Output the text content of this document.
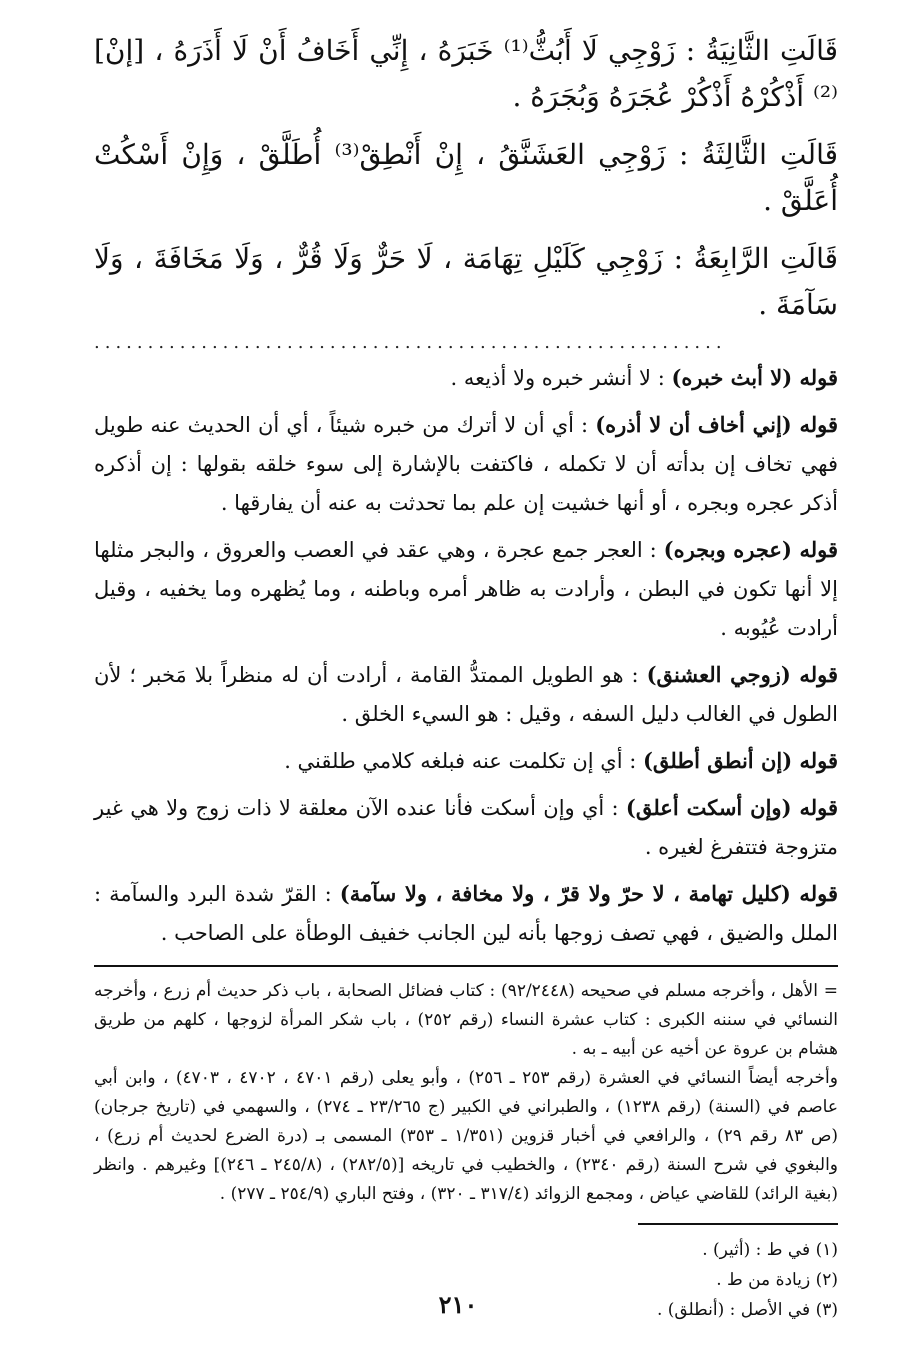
قَالَتِ الثَّانِيَةُ : زَوْجِي لَا أَبُثُّ⁽¹⁾ خَبَرَهُ ، إِنِّي أَخَافُ أَنْ لَا أَذَرَهُ ، [إنْ]⁽²⁾ أَذْكُرْهُ أَذْكُرْ عُجَرَهُ وَبُجَرَهُ .

قَالَتِ الثَّالِثَةُ : زَوْجِي العَشَنَّقُ ، إِنْ أَنْطِقْ⁽³⁾ أُطَلَّقْ ، وَإِنْ أَسْكُتْ أُعَلَّقْ .

قَالَتِ الرَّابِعَةُ : زَوْجِي كَلَيْلِ تِهَامَة ، لَا حَرٌّ وَلَا قُرٌّ ، وَلَا مَخَافَةَ ، وَلَا سَآمَةَ .

...........................................................

قوله (لا أبث خبره) : لا أنشر خبره ولا أذيعه .

قوله (إني أخاف أن لا أذره) : أي أن لا أترك من خبره شيئاً ، أي أن الحديث عنه طويل فهي تخاف إن بدأته أن لا تكمله ، فاكتفت بالإشارة إلى سوء خلقه بقولها : إن أذكره أذكر عجره وبجره ، أو أنها خشيت إن علم بما تحدثت به عنه أن يفارقها .

قوله (عجره وبجره) : العجر جمع عجرة ، وهي عقد في العصب والعروق ، والبجر مثلها إلا أنها تكون في البطن ، وأرادت به ظاهر أمره وباطنه ، وما يُظهره وما يخفيه ، وقيل أرادت عُيُوبه .

قوله (زوجي العشنق) : هو الطويل الممتدُّ القامة ، أرادت أن له منظراً بلا مَخبر ؛ لأن الطول في الغالب دليل السفه ، وقيل : هو السيء الخلق .

قوله (إن أنطق أطلق) : أي إن تكلمت عنه فبلغه كلامي طلقني .

قوله (وإن أسكت أعلق) : أي وإن أسكت فأنا عنده الآن معلقة لا ذات زوج ولا هي غير متزوجة فتتفرغ لغيره .

قوله (كليل تهامة ، لا حرّ ولا قرّ ، ولا مخافة ، ولا سآمة) : القرّ شدة البرد والسآمة : الملل والضيق ، فهي تصف زوجها بأنه لين الجانب خفيف الوطأة على الصاحب .

= الأهل ، وأخرجه مسلم في صحيحه (٩٢/٢٤٤٨) : كتاب فضائل الصحابة ، باب ذكر حديث أم زرع ، وأخرجه النسائي في سننه الكبرى : كتاب عشرة النساء (رقم ٢٥٢) ، باب شكر المرأة لزوجها ، كلهم من طريق هشام بن عروة عن أخيه عن أبيه ـ به .

وأخرجه أيضاً النسائي في العشرة (رقم ٢٥٣ ـ ٢٥٦) ، وأبو يعلى (رقم ٤٧٠١ ، ٤٧٠٢ ، ٤٧٠٣) ، وابن أبي عاصم في (السنة) (رقم ١٢٣٨) ، والطبراني في الكبير (ج ٢٣/٢٦٥ ـ ٢٧٤) ، والسهمي في (تاريخ جرجان) (ص ٨٣ رقم ٢٩) ، والرافعي في أخبار قزوين (١/٣٥١ ـ ٣٥٣) المسمى بـ (درة الضرع لحديث أم زرع) ، والبغوي في شرح السنة (رقم ٢٣٤٠) ، والخطيب في تاريخه [(٢٨٢/٥) ، (٢٤٥/٨ ـ ٢٤٦)] وغيرهم . وانظر (بغية الرائد) للقاضي عياض ، ومجمع الزوائد (٣١٧/٤ ـ ٣٢٠) ، وفتح الباري (٢٥٤/٩ ـ ٢٧٧) .

(١) في ط : (أثير) .

(٢) زيادة من ط .

(٣) في الأصل : (أنطلق) .

٢١٠
